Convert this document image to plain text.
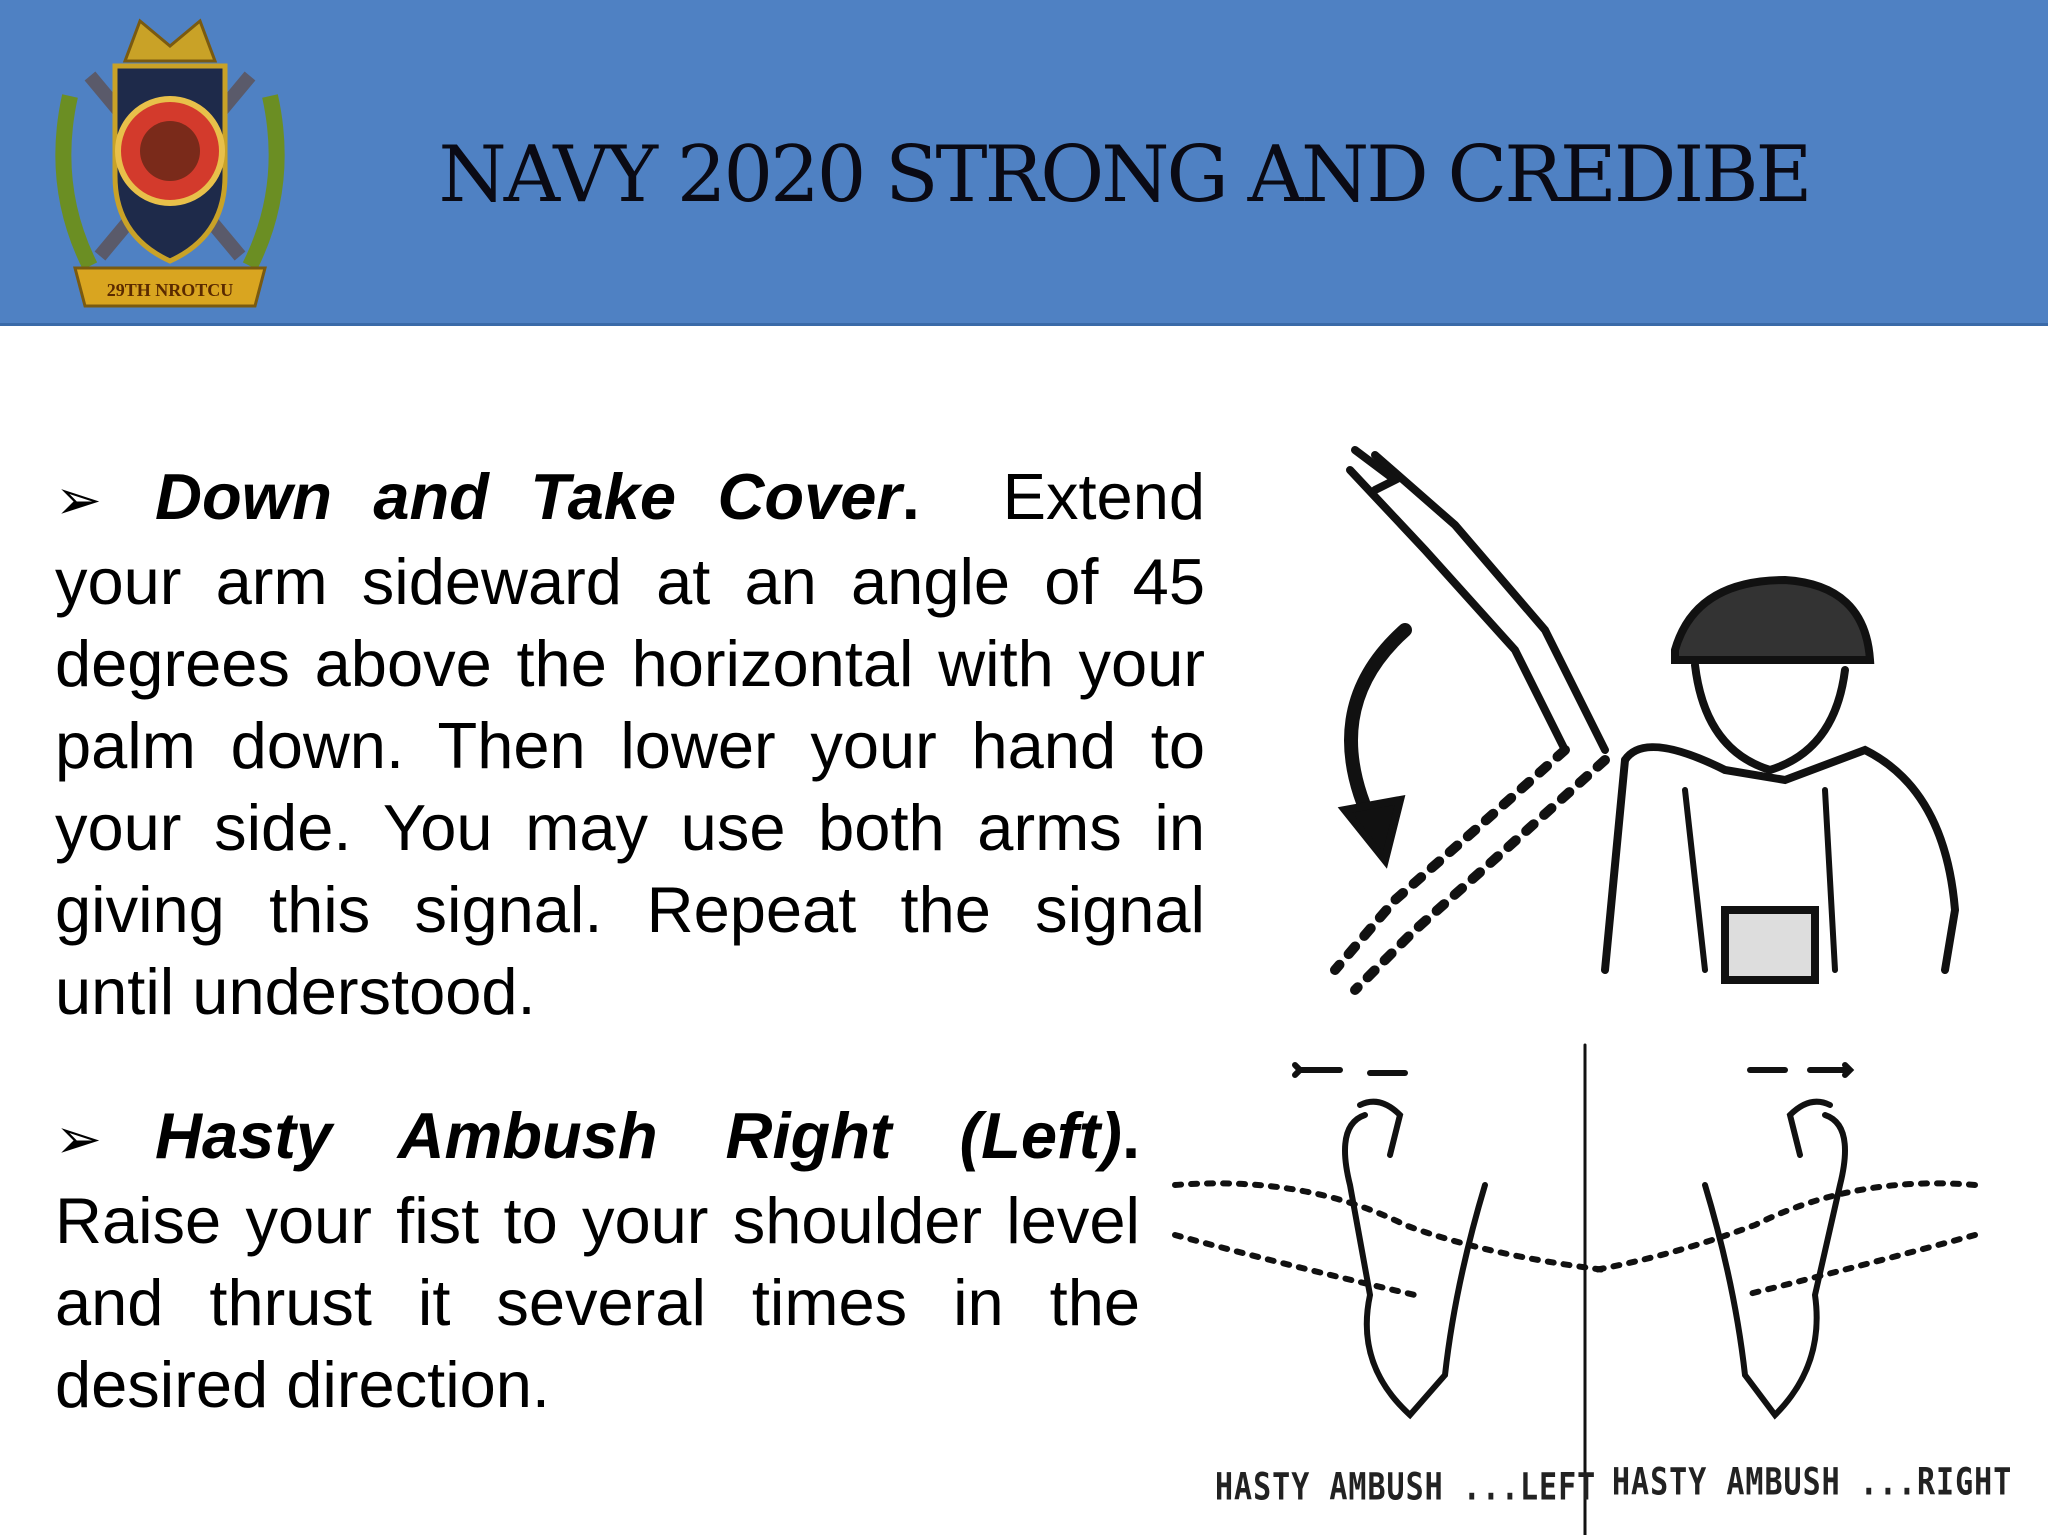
29TH NROTCU
NAVY 2020 STRONG AND CREDIBE
➢ Down and Take Cover. Extend your arm sideward at an angle of 45 degrees above the horizontal with your palm down. Then lower your hand to your side. You may use both arms in giving this signal. Repeat the signal until understood.
➢ Hasty Ambush Right (Left). Raise your fist to your shoulder level and thrust it several times in the desired direction.
HASTY AMBUSH ...LEFT HASTY AMBUSH ...RIGHT
